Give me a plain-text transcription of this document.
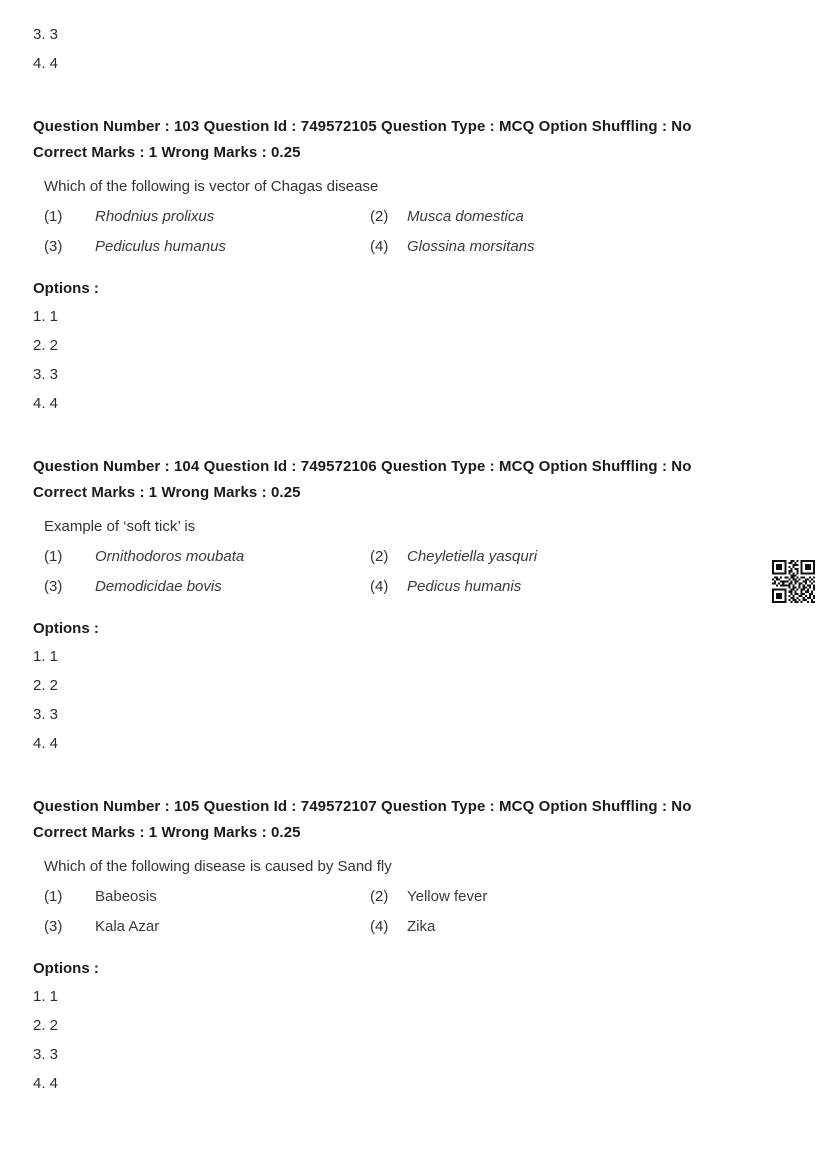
3. 3
4. 4
Question Number : 103 Question Id : 749572105 Question Type : MCQ Option Shuffling : No
Correct Marks : 1 Wrong Marks : 0.25
Which of the following is vector of Chagas disease
(1)	Rhodnius prolixus	(2)	Musca domestica
(3)	Pediculus humanus	(4)	Glossina morsitans
Options :
1. 1
2. 2
3. 3
4. 4
Question Number : 104 Question Id : 749572106 Question Type : MCQ Option Shuffling : No
Correct Marks : 1 Wrong Marks : 0.25
Example of ‘soft tick’ is
(1)	Ornithodoros moubata	(2)	Cheyletiella yasquri
(3)	Demodicidae bovis	(4)	Pedicus humanis
Options :
1. 1
2. 2
3. 3
4. 4
Question Number : 105 Question Id : 749572107 Question Type : MCQ Option Shuffling : No
Correct Marks : 1 Wrong Marks : 0.25
Which of the following disease is caused by Sand fly
(1)	Babeosis	(2)	Yellow fever
(3)	Kala Azar	(4)	Zika
Options :
1. 1
2. 2
3. 3
4. 4
